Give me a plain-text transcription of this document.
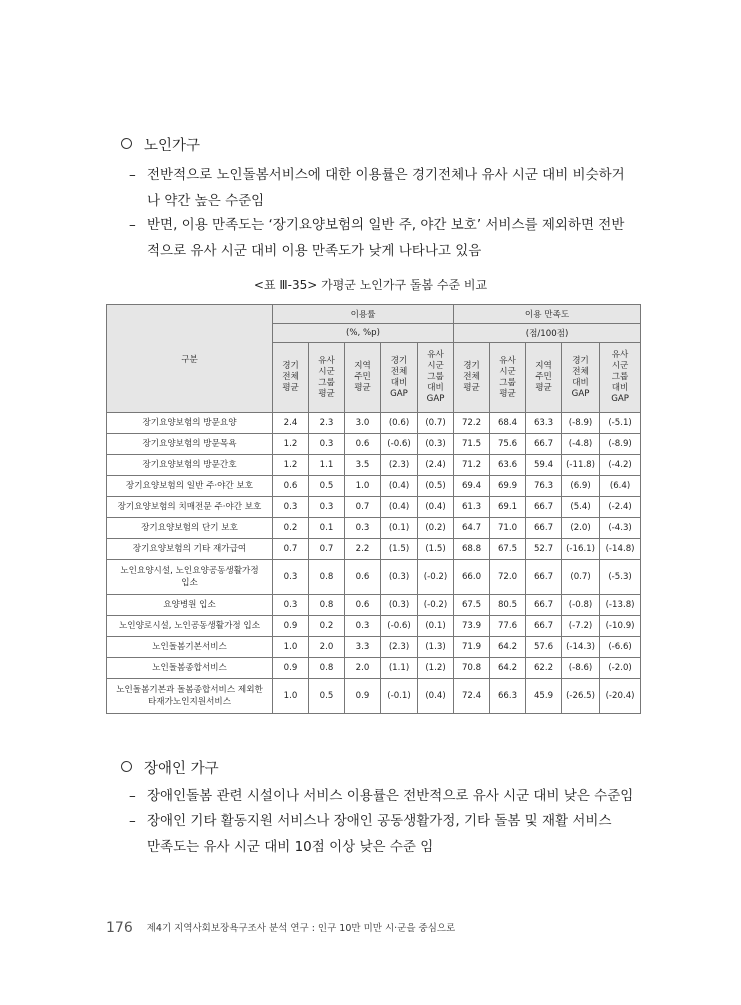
노인가구
– 전반적으로 노인돌봄서비스에 대한 이용률은 경기전체나 유사 시군 대비 비슷하거
나 약간 높은 수준임
– 반면, 이용 만족도는 ‘장기요양보험의 일반 주, 야간 보호’ 서비스를 제외하면 전반
적으로 유사 시군 대비 이용 만족도가 낮게 나타나고 있음
<표 Ⅲ-35> 가평군 노인가구 돌봄 수준 비교
구분	이용률					이용 만족도				
	(%, %p)					(점/100점)				
	경기
전체
평균	유사
시군
그룹
평균	지역
주민
평균	경기
전체
대비
GAP	유사
시군
그룹
대비
GAP	경기
전체
평균	유사
시군
그룹
평균	지역
주민
평균	경기
전체
대비
GAP	유사
시군
그룹
대비
GAP
장기요양보험의 방문요양	2.4	2.3	3.0	(0.6)	(0.7)	72.2	68.4	63.3	(-8.9)	(-5.1)
장기요양보험의 방문목욕	1.2	0.3	0.6	(-0.6)	(0.3)	71.5	75.6	66.7	(-4.8)	(-8.9)
장기요양보험의 방문간호	1.2	1.1	3.5	(2.3)	(2.4)	71.2	63.6	59.4	(-11.8)	(-4.2)
장기요양보험의 일반 주·야간 보호	0.6	0.5	1.0	(0.4)	(0.5)	69.4	69.9	76.3	(6.9)	(6.4)
장기요양보험의 치매전문 주·야간 보호	0.3	0.3	0.7	(0.4)	(0.4)	61.3	69.1	66.7	(5.4)	(-2.4)
장기요양보험의 단기 보호	0.2	0.1	0.3	(0.1)	(0.2)	64.7	71.0	66.7	(2.0)	(-4.3)
장기요양보험의 기타 재가급여	0.7	0.7	2.2	(1.5)	(1.5)	68.8	67.5	52.7	(-16.1)	(-14.8)
노인요양시설, 노인요양공동생활가정
입소	0.3	0.8	0.6	(0.3)	(-0.2)	66.0	72.0	66.7	(0.7)	(-5.3)
요양병원 입소	0.3	0.8	0.6	(0.3)	(-0.2)	67.5	80.5	66.7	(-0.8)	(-13.8)
노인양로시설, 노인공동생활가정 입소	0.9	0.2	0.3	(-0.6)	(0.1)	73.9	77.6	66.7	(-7.2)	(-10.9)
노인돌봄기본서비스	1.0	2.0	3.3	(2.3)	(1.3)	71.9	64.2	57.6	(-14.3)	(-6.6)
노인돌봄종합서비스	0.9	0.8	2.0	(1.1)	(1.2)	70.8	64.2	62.2	(-8.6)	(-2.0)
노인돌봄기본과 돌봄종합서비스 제외한
타재가노인지원서비스	1.0	0.5	0.9	(-0.1)	(0.4)	72.4	66.3	45.9	(-26.5)	(-20.4)
장애인 가구
– 장애인돌봄 관련 시설이나 서비스 이용률은 전반적으로 유사 시군 대비 낮은 수준임
– 장애인 기타 활동지원 서비스나 장애인 공동생활가정, 기타 돌봄 및 재활 서비스
만족도는 유사 시군 대비 10점 이상 낮은 수준 임
176 제4기 지역사회보장욕구조사 분석 연구 : 인구 10만 미만 시·군을 중심으로
